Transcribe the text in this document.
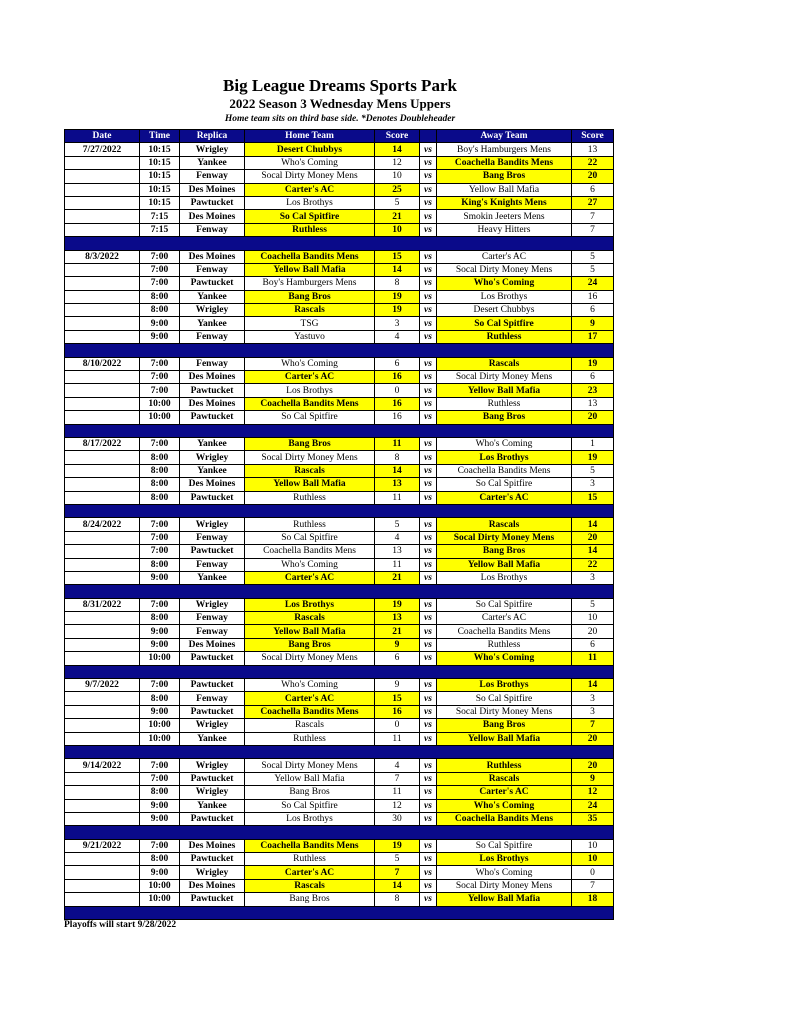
Big League Dreams Sports Park
2022 Season 3 Wednesday Mens Uppers
Home team sits on third base side. *Denotes Doubleheader
Date	Time	Replica	Home Team	Score		Away Team	Score
7/27/2022	10:15	Wrigley	Desert Chubbys	14	vs	Boy's Hamburgers Mens	13
	10:15	Yankee	Who's Coming	12	vs	Coachella Bandits Mens	22
	10:15	Fenway	Socal Dirty Money Mens	10	vs	Bang Bros	20
	10:15	Des Moines	Carter's AC	25	vs	Yellow Ball Mafia	6
	10:15	Pawtucket	Los Brothys	5	vs	King's Knights Mens	27
	7:15	Des Moines	So Cal Spitfire	21	vs	Smokin Jeeters Mens	7
	7:15	Fenway	Ruthless	10	vs	Heavy Hitters	7

8/3/2022	7:00	Des Moines	Coachella Bandits Mens	15	vs	Carter's AC	5
	7:00	Fenway	Yellow Ball Mafia	14	vs	Socal Dirty Money Mens	5
	7:00	Pawtucket	Boy's Hamburgers Mens	8	vs	Who's Coming	24
	8:00	Yankee	Bang Bros	19	vs	Los Brothys	16
	8:00	Wrigley	Rascals	19	vs	Desert Chubbys	6
	9:00	Yankee	TSG	3	vs	So Cal Spitfire	9
	9:00	Fenway	Yastuvo	4	vs	Ruthless	17

8/10/2022	7:00	Fenway	Who's Coming	6	vs	Rascals	19
	7:00	Des Moines	Carter's AC	16	vs	Socal Dirty Money Mens	6
	7:00	Pawtucket	Los Brothys	0	vs	Yellow Ball Mafia	23
	10:00	Des Moines	Coachella Bandits Mens	16	vs	Ruthless	13
	10:00	Pawtucket	So Cal Spitfire	16	vs	Bang Bros	20

8/17/2022	7:00	Yankee	Bang Bros	11	vs	Who's Coming	1
	8:00	Wrigley	Socal Dirty Money Mens	8	vs	Los Brothys	19
	8:00	Yankee	Rascals	14	vs	Coachella Bandits Mens	5
	8:00	Des Moines	Yellow Ball Mafia	13	vs	So Cal Spitfire	3
	8:00	Pawtucket	Ruthless	11	vs	Carter's AC	15

8/24/2022	7:00	Wrigley	Ruthless	5	vs	Rascals	14
	7:00	Fenway	So Cal Spitfire	4	vs	Socal Dirty Money Mens	20
	7:00	Pawtucket	Coachella Bandits Mens	13	vs	Bang Bros	14
	8:00	Fenway	Who's Coming	11	vs	Yellow Ball Mafia	22
	9:00	Yankee	Carter's AC	21	vs	Los Brothys	3

8/31/2022	7:00	Wrigley	Los Brothys	19	vs	So Cal Spitfire	5
	8:00	Fenway	Rascals	13	vs	Carter's AC	10
	9:00	Fenway	Yellow Ball Mafia	21	vs	Coachella Bandits Mens	20
	9:00	Des Moines	Bang Bros	9	vs	Ruthless	6
	10:00	Pawtucket	Socal Dirty Money Mens	6	vs	Who's Coming	11

9/7/2022	7:00	Pawtucket	Who's Coming	9	vs	Los Brothys	14
	8:00	Fenway	Carter's AC	15	vs	So Cal Spitfire	3
	9:00	Pawtucket	Coachella Bandits Mens	16	vs	Socal Dirty Money Mens	3
	10:00	Wrigley	Rascals	0	vs	Bang Bros	7
	10:00	Yankee	Ruthless	11	vs	Yellow Ball Mafia	20

9/14/2022	7:00	Wrigley	Socal Dirty Money Mens	4	vs	Ruthless	20
	7:00	Pawtucket	Yellow Ball Mafia	7	vs	Rascals	9
	8:00	Wrigley	Bang Bros	11	vs	Carter's AC	12
	9:00	Yankee	So Cal Spitfire	12	vs	Who's Coming	24
	9:00	Pawtucket	Los Brothys	30	vs	Coachella Bandits Mens	35

9/21/2022	7:00	Des Moines	Coachella Bandits Mens	19	vs	So Cal Spitfire	10
	8:00	Pawtucket	Ruthless	5	vs	Los Brothys	10
	9:00	Wrigley	Carter's AC	7	vs	Who's Coming	0
	10:00	Des Moines	Rascals	14	vs	Socal Dirty Money Mens	7
	10:00	Pawtucket	Bang Bros	8	vs	Yellow Ball Mafia	18

Playoffs will start 9/28/2022
